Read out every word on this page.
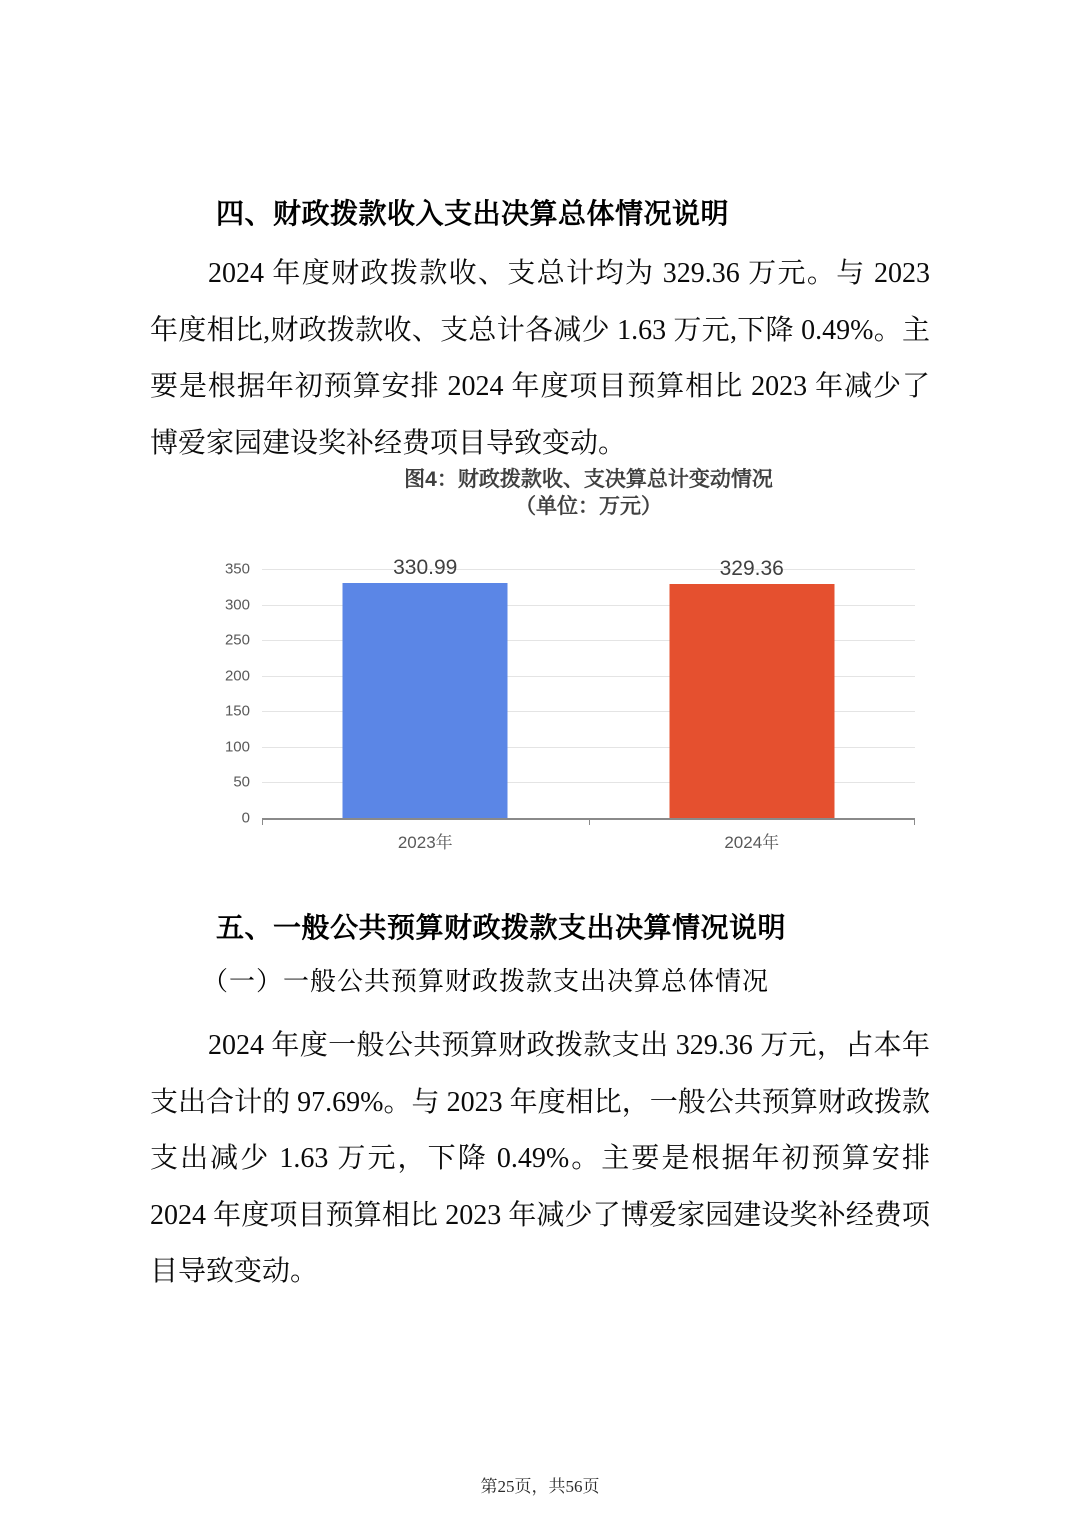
四、财政拨款收入支出决算总体情况说明

2024 年度财政拨款收、支总计均为 329.36 万元。与 2023 年度相比,财政拨款收、支总计各减少 1.63 万元,下降 0.49%。主要是根据年初预算安排 2024 年度项目预算相比 2023 年减少了博爱家园建设奖补经费项目导致变动。

图4：财政拨款收、支决算总计变动情况
（单位：万元）
0
50
100
150
200
250
300
350	330.99
2023年
329.36
2024年
五、一般公共预算财政拨款支出决算情况说明
（一）一般公共预算财政拨款支出决算总体情况

2024 年度一般公共预算财政拨款支出 329.36 万元，占本年支出合计的 97.69%。与 2023 年度相比，一般公共预算财政拨款支出减少 1.63 万元，下降 0.49%。主要是根据年初预算安排 2024 年度项目预算相比 2023 年减少了博爱家园建设奖补经费项目导致变动。

第25页，共56页
